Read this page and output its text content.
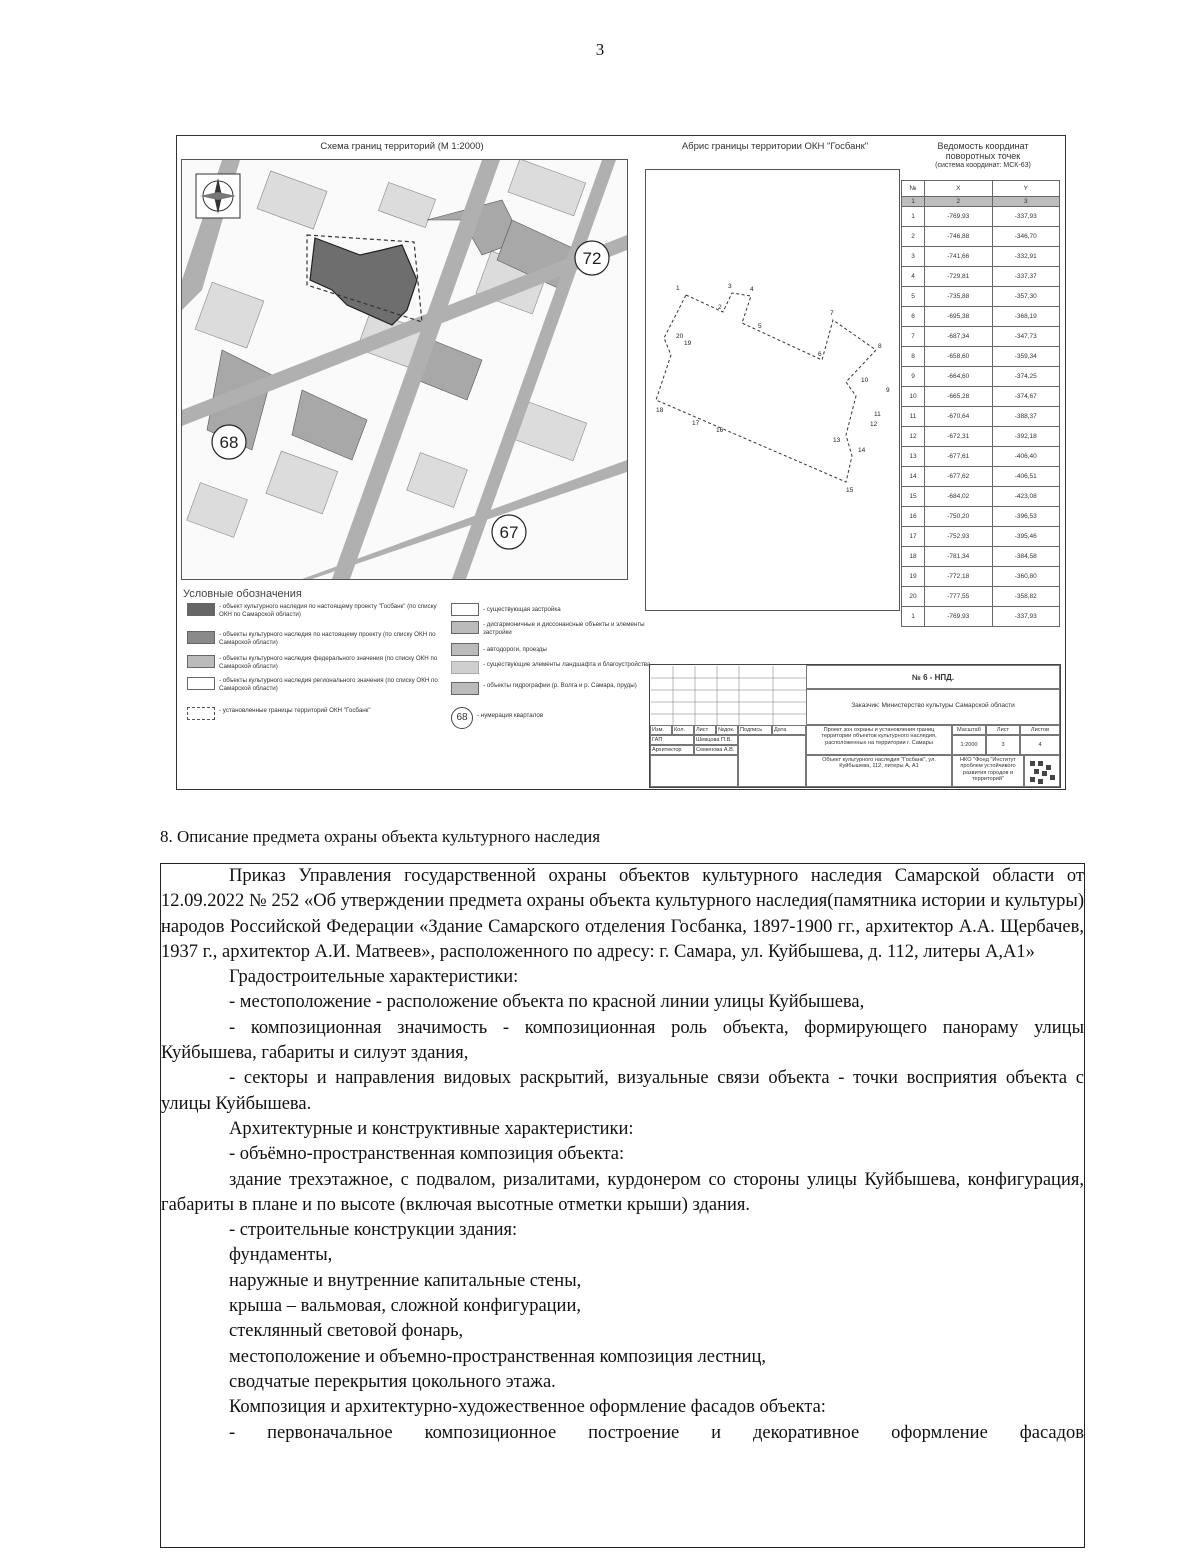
3
Схема границ территорий (М 1:2000)	Абрис границы территории ОКН "Госбанк"	Ведомость координат
поворотных точек
(система координат: МСК-63)
72
68
67
1
2
3	4
5
6
7
8
9
10
11
12
13
14
15
16
17
18
19
20
№	X	Y
1	2	3
1	-769,93	-337,93
2	-746,88	-346,70
3	-741,66	-332,91
4	-729,81	-337,37
5	-735,88	-357,30
6	-695,38	-368,19
7	-687,34	-347,73
8	-658,60	-359,34
9	-664,60	-374,25
10	-665,28	-374,67
11	-670,64	-388,37
12	-672,31	-392,18
13	-677,61	-406,40
14	-677,62	-406,51
15	-684,02	-423,08
16	-750,20	-396,53
17	-752,93	-395,46
18	-781,34	-384,58
19	-772,18	-360,80
20	-777,55	-358,82
1	-769,93	-337,93
Условные обозначения
- объект культурного наследия по настоящему проекту "Госбанк" (по списку ОКН по Самарской области)
- объекты культурного наследия по настоящему проекту (по списку ОКН по Самарской области)
- объекты культурного наследия федерального значения (по списку ОКН по Самарской области)
- объекты культурного наследия регионального значения (по списку ОКН по Самарской области)
- установленные границы территорий ОКН "Госбанк"
- существующая застройка
- дисгармоничные и диссонансные объекты и элементы застройки
- автодороги, проезды
- существующие элементы ландшафта и благоустройства
- объекты гидрографии (р. Волга и р. Самара, пруды)
68	- нумерация кварталов
Изм.	Кол.	Лист	№док.	Подпись	Дата
ГАП	Шевцова П.В.
Архитектор	Семенова А.В.
№ 6 - НПД.
Заказчик: Министерство культуры Самарской области
Проект зон охраны и установления границ территории объектов культурного наследия, расположенных на территории г. Самары
Масштаб	Лист	Листов
1:2000	3	4
Объект культурного наследия "Госбанк", ул. Куйбышева, 112, литеры А, А1
НКО "Фонд "Институт проблем устойчивого развития городов и территорий"
8. Описание предмета охраны объекта культурного наследия

Приказ Управления государственной охраны объектов культурного наследия Самарской области от 12.09.2022 № 252 «Об утверждении предмета охраны объекта культурного наследия(памятника истории и культуры) народов Российской Федерации «Здание Самарского отделения Госбанка, 1897-1900 гг., архитектор А.А. Щербачев, 1937 г., архитектор А.И. Матвеев», расположенного по адресу: г. Самара, ул. Куйбышева, д. 112, литеры А,А1»

Градостроительные характеристики:

- местоположение - расположение объекта по красной линии улицы Куйбышева,

- композиционная значимость - композиционная роль объекта, формирующего панораму улицы Куйбышева, габариты и силуэт здания,

- секторы и направления видовых раскрытий, визуальные связи объекта - точки восприятия объекта с улицы Куйбышева.

Архитектурные и конструктивные характеристики:

- объёмно-пространственная композиция объекта:

здание трехэтажное, с подвалом, ризалитами, курдонером со стороны улицы Куйбышева, конфигурация, габариты в плане и по высоте (включая высотные отметки крыши) здания.

- строительные конструкции здания:

фундаменты,

наружные и внутренние капитальные стены,

крыша – вальмовая, сложной конфигурации,

стеклянный световой фонарь,

местоположение и объемно-пространственная композиция лестниц,

сводчатые перекрытия цокольного этажа.

Композиция и архитектурно-художественное оформление фасадов объекта:

- первоначальное композиционное построение и декоративное оформление фасадов
